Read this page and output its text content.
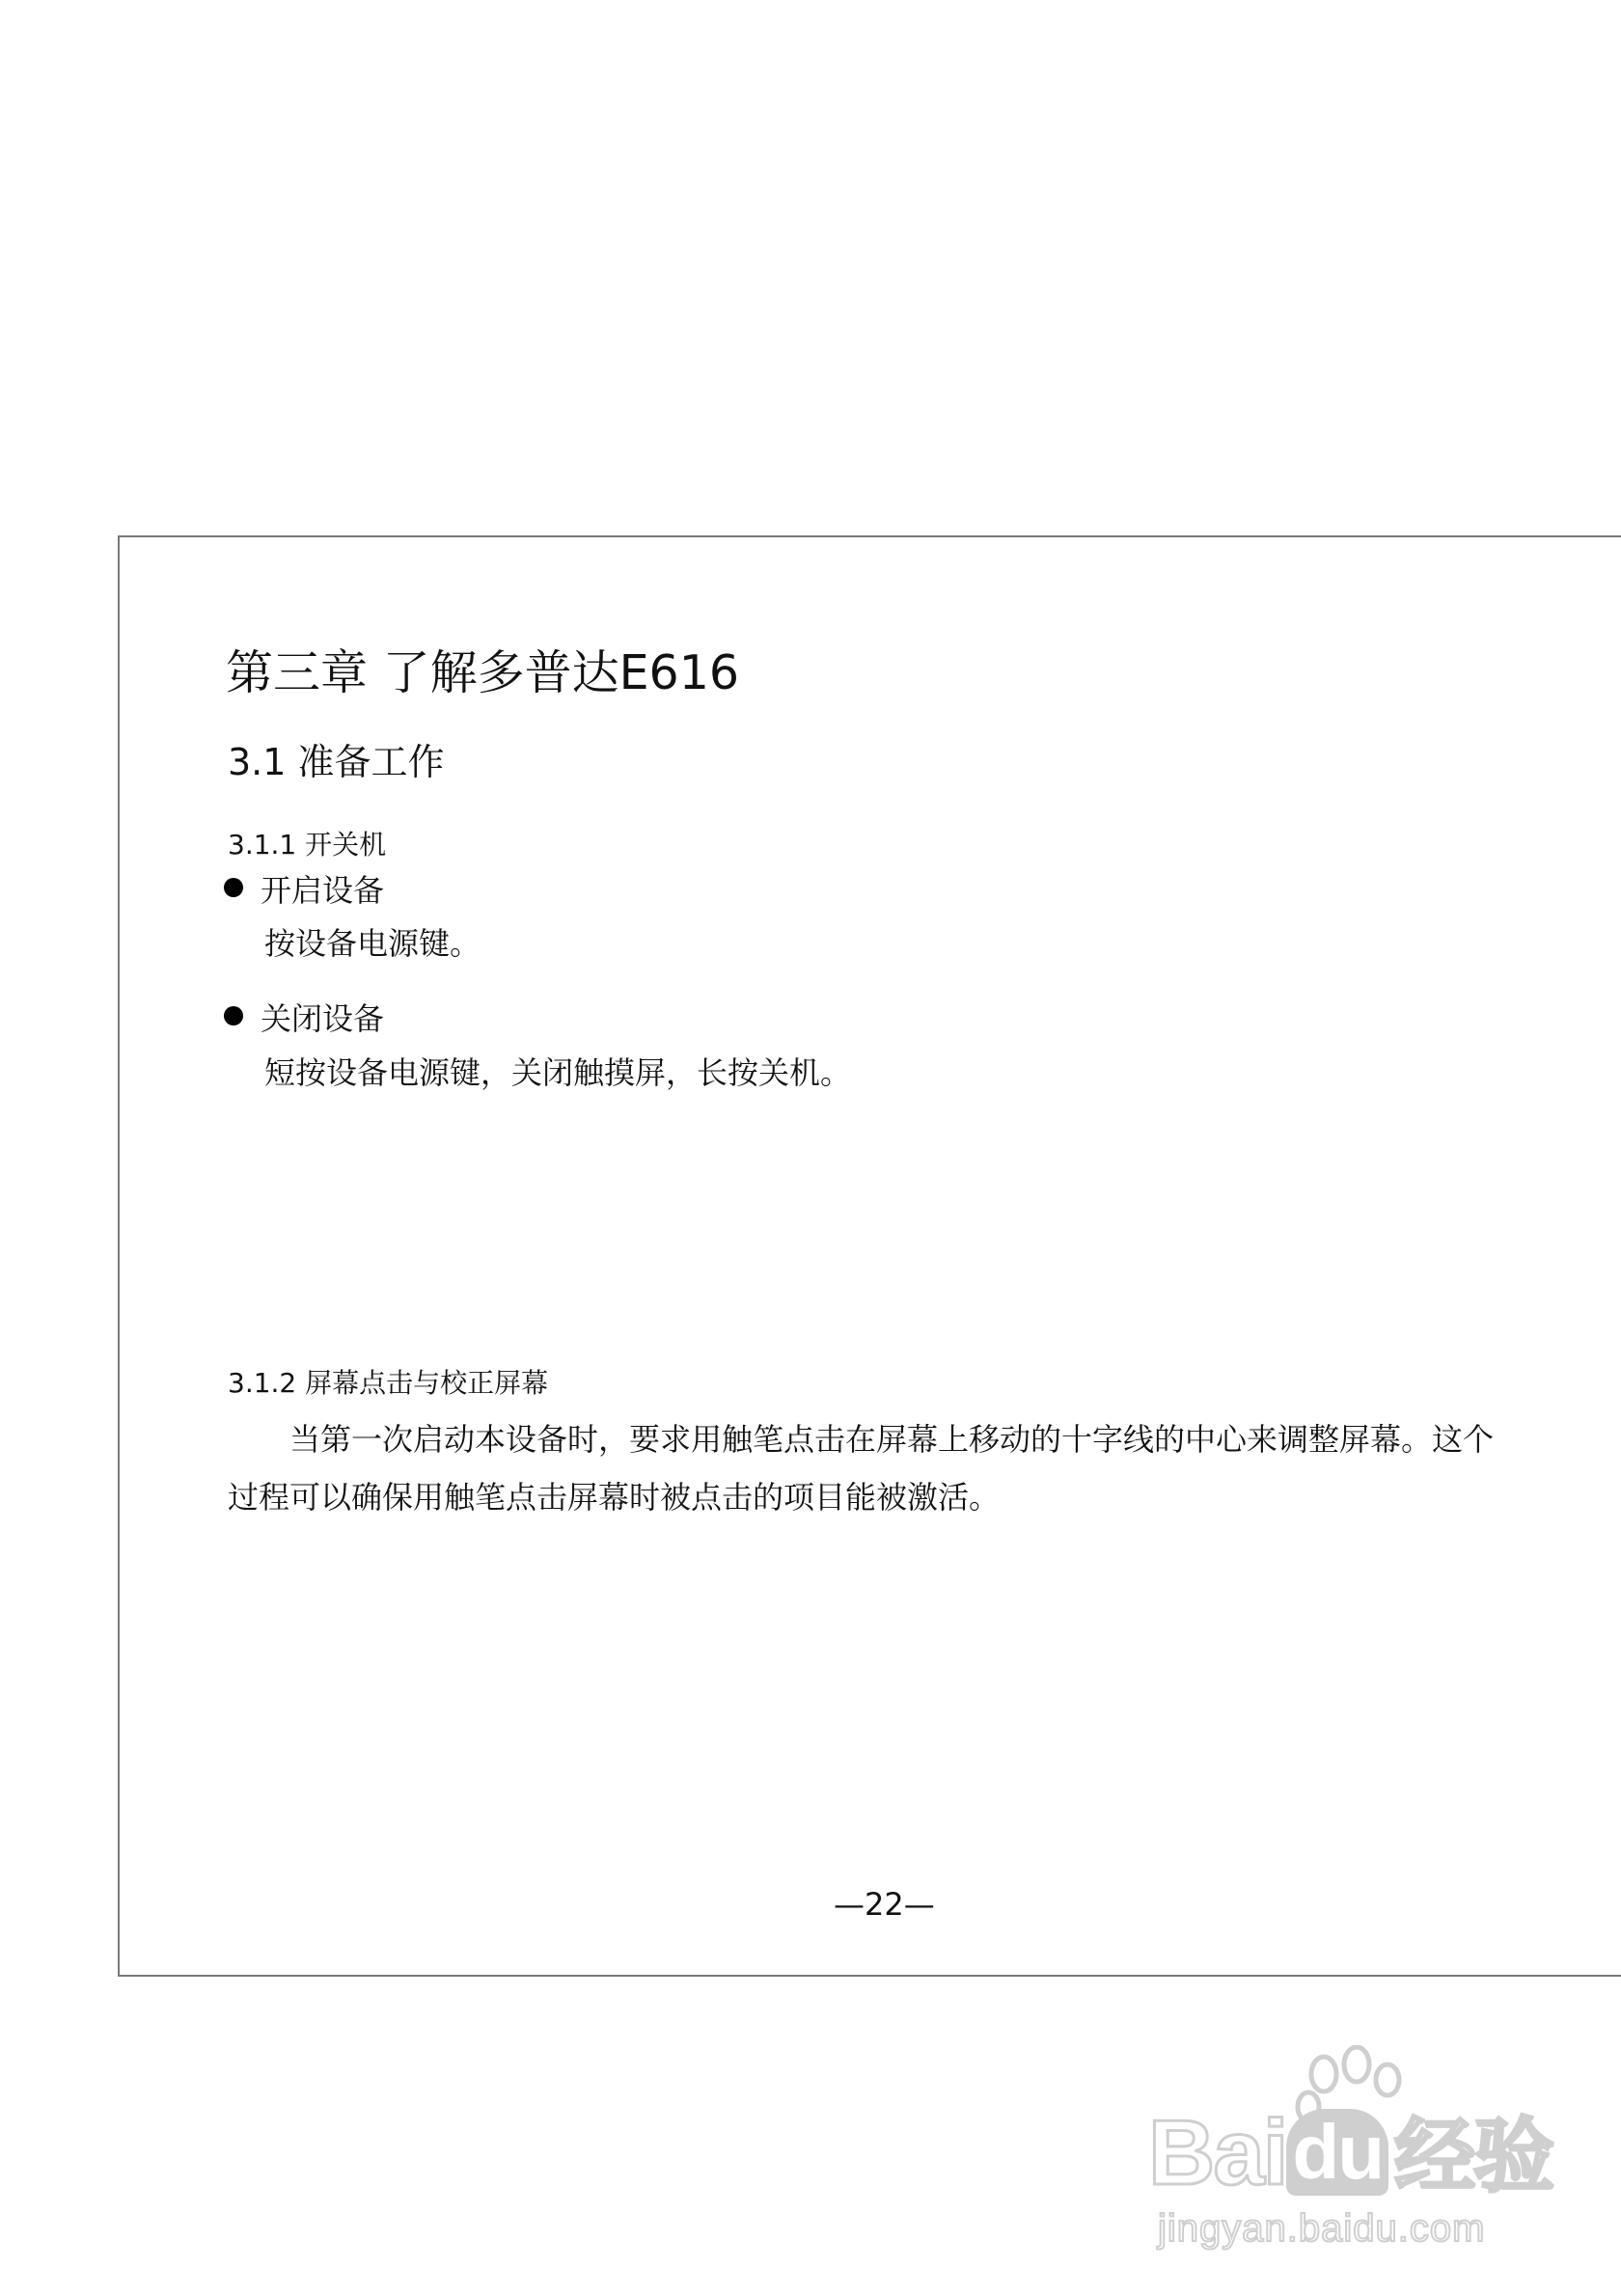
第三章 了解多普达E616
3.1 准备工作
3.1.1 开关机
开启设备
按设备电源键。
关闭设备
短按设备电源键，关闭触摸屏，长按关机。
3.1.2 屏幕点击与校正屏幕
当第一次启动本设备时，要求用触笔点击在屏幕上移动的十字线的中心来调整屏幕。这个过程可以确保用触笔点击屏幕时被点击的项目能被激活。
—22—
Baidu 经验
jingyan.baidu.com
